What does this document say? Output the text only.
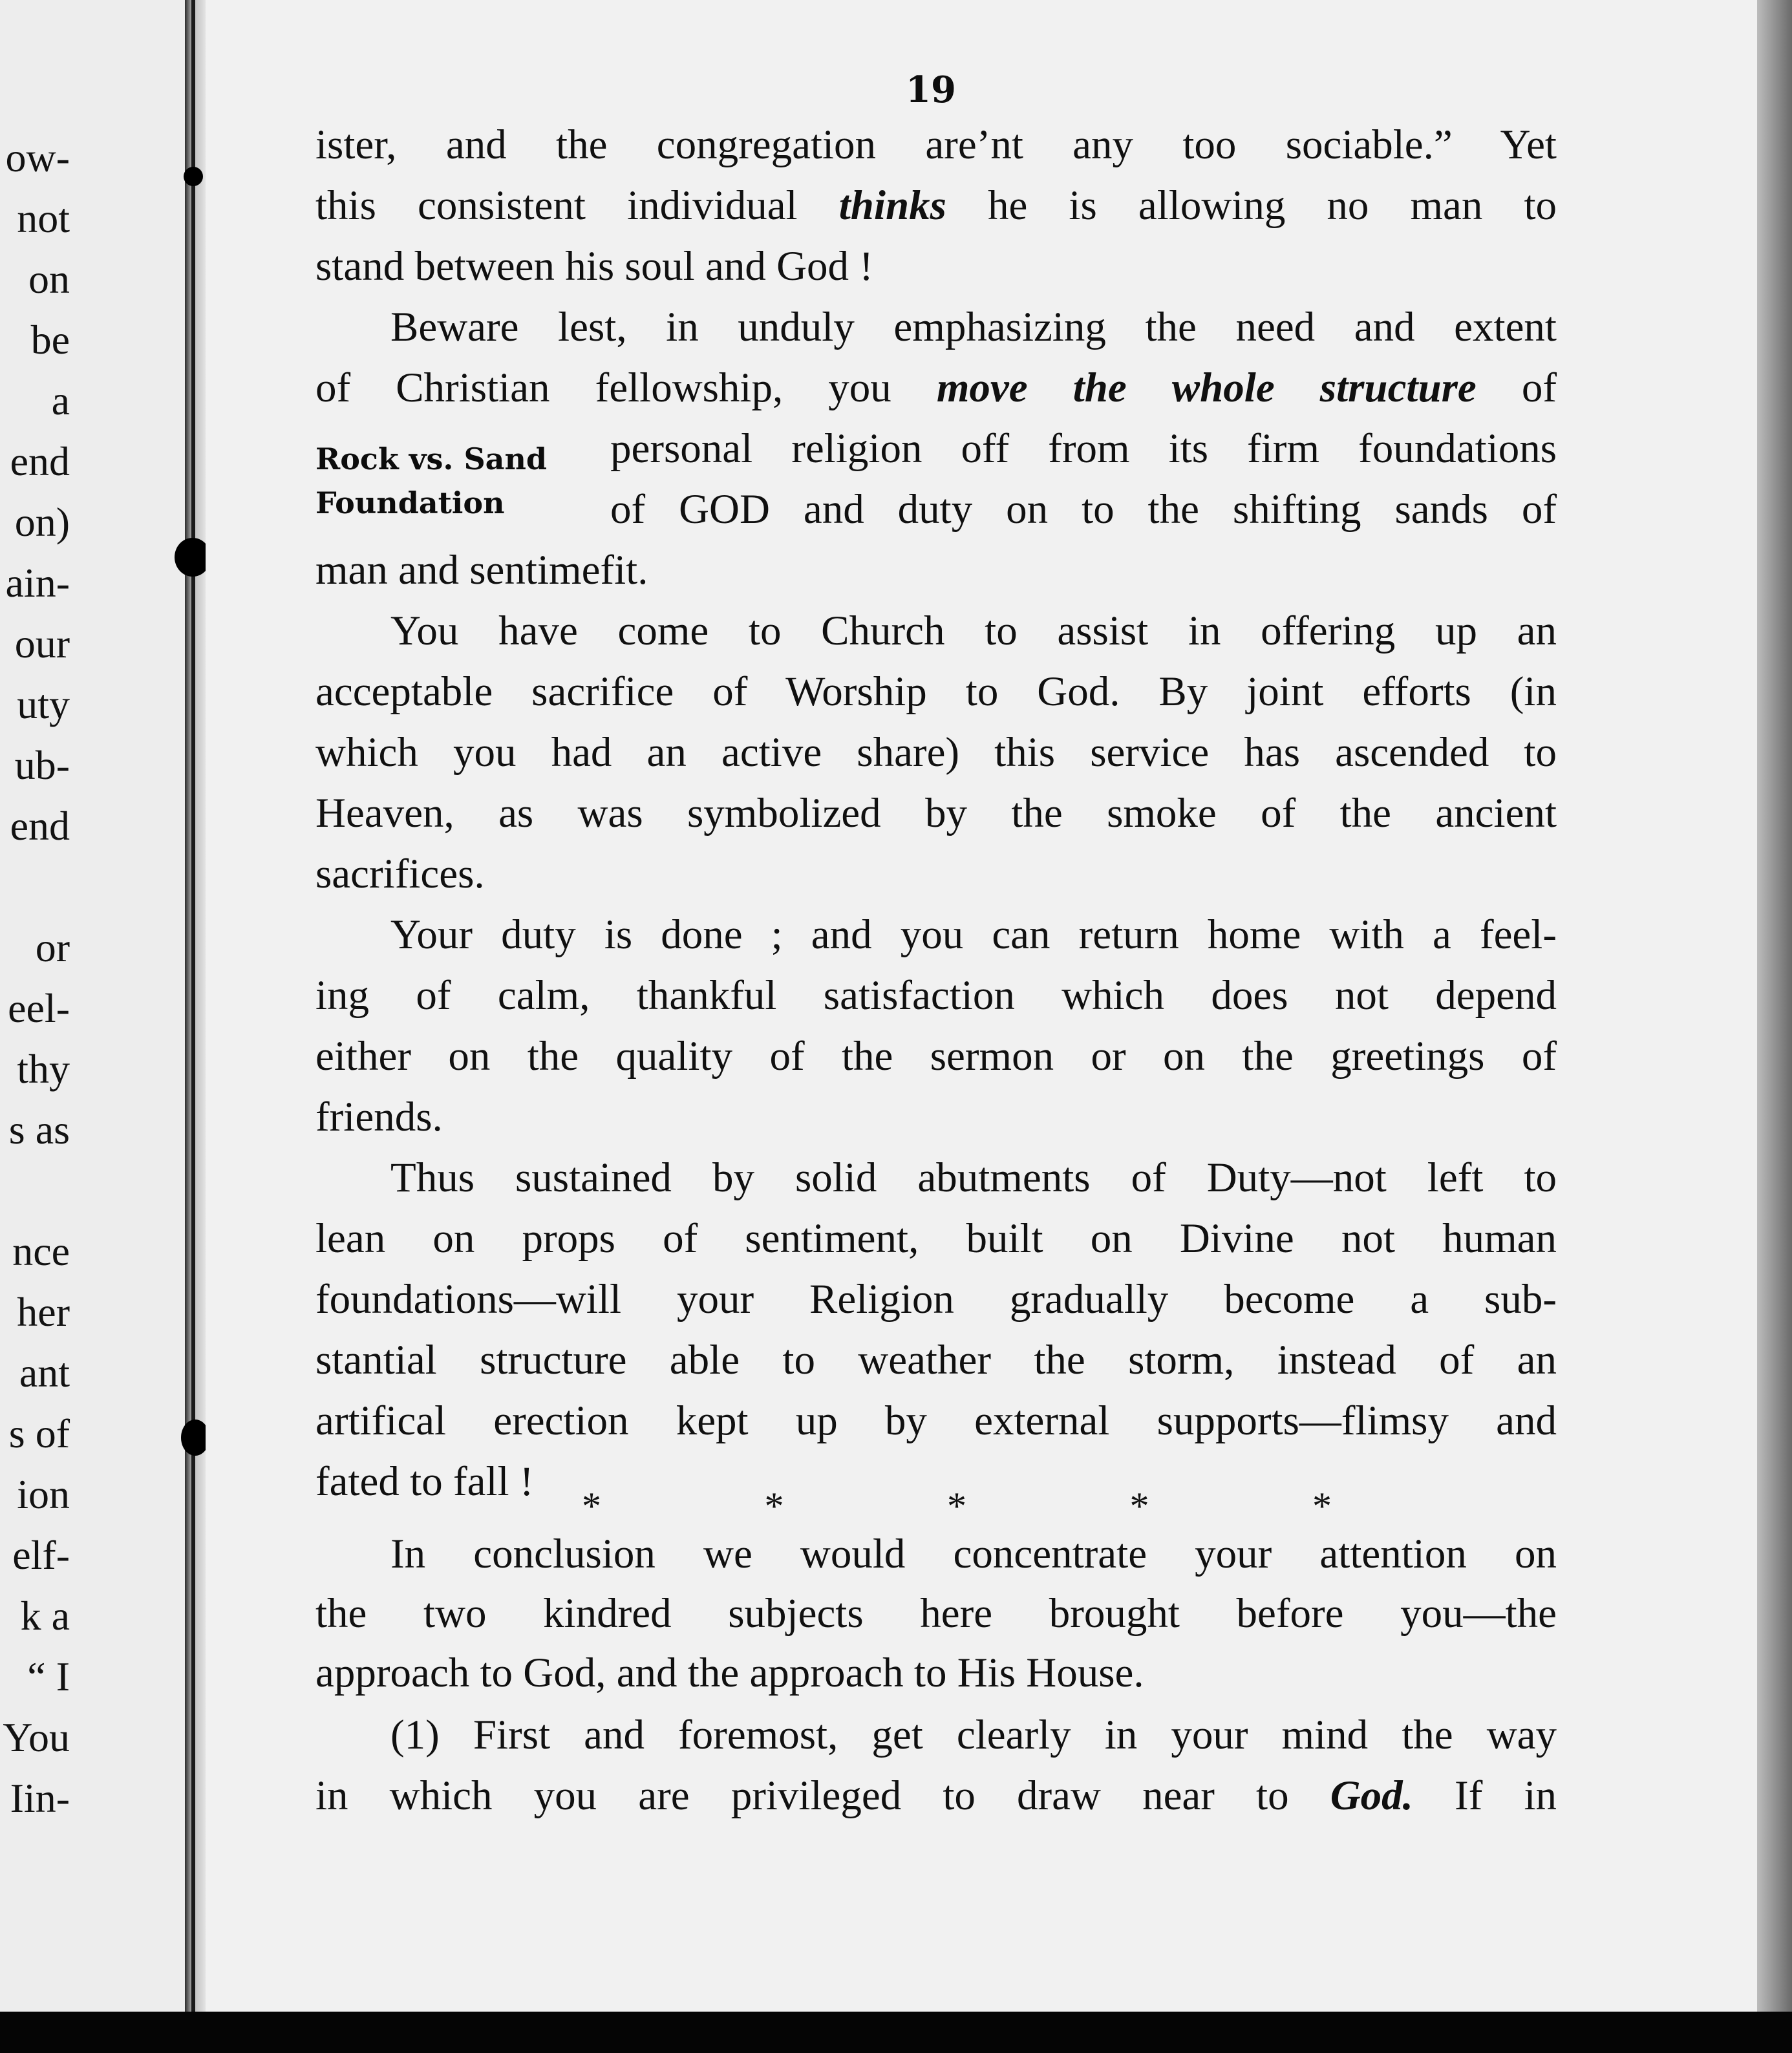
ow-
not
on
be
a
end
on)
ain-
our
uty
ub-
end
or
eel-
thy
s as
nce
her
ant
s of
ion
elf-
k a
“ I
You
Iin-
19
Rock vs. Sand
Foundation
ister, and the congregation are’nt any too sociable.” Yet
this consistent individual thinks he is allowing no man to
stand between his soul and God !
Beware lest, in unduly emphasizing the need and extent
of Christian fellowship, you move the whole structure of
personal religion off from its firm foundations
of GOD and duty on to the shifting sands of
man and sentimefit.
You have come to Church to assist in offering up an
acceptable sacrifice of Worship to God. By joint efforts (in
which you had an active share) this service has ascended to
Heaven, as was symbolized by the smoke of the ancient
sacrifices.
Your duty is done ; and you can return home with a feel-
ing of calm, thankful satisfaction which does not depend
either on the quality of the sermon or on the greetings of
friends.
Thus sustained by solid abutments of Duty—not left to
lean on props of sentiment, built on Divine not human
foundations—will your Religion gradually become a sub-
stantial structure able to weather the storm, instead of an
artifical erection kept up by external supports—flimsy and
fated to fall !
*	*	*	*	*
In conclusion we would concentrate your attention on
the two kindred subjects here brought before you—the
approach to God, and the approach to His House.
(1) First and foremost, get clearly in your mind the way
in which you are privileged to draw near to God. If in
